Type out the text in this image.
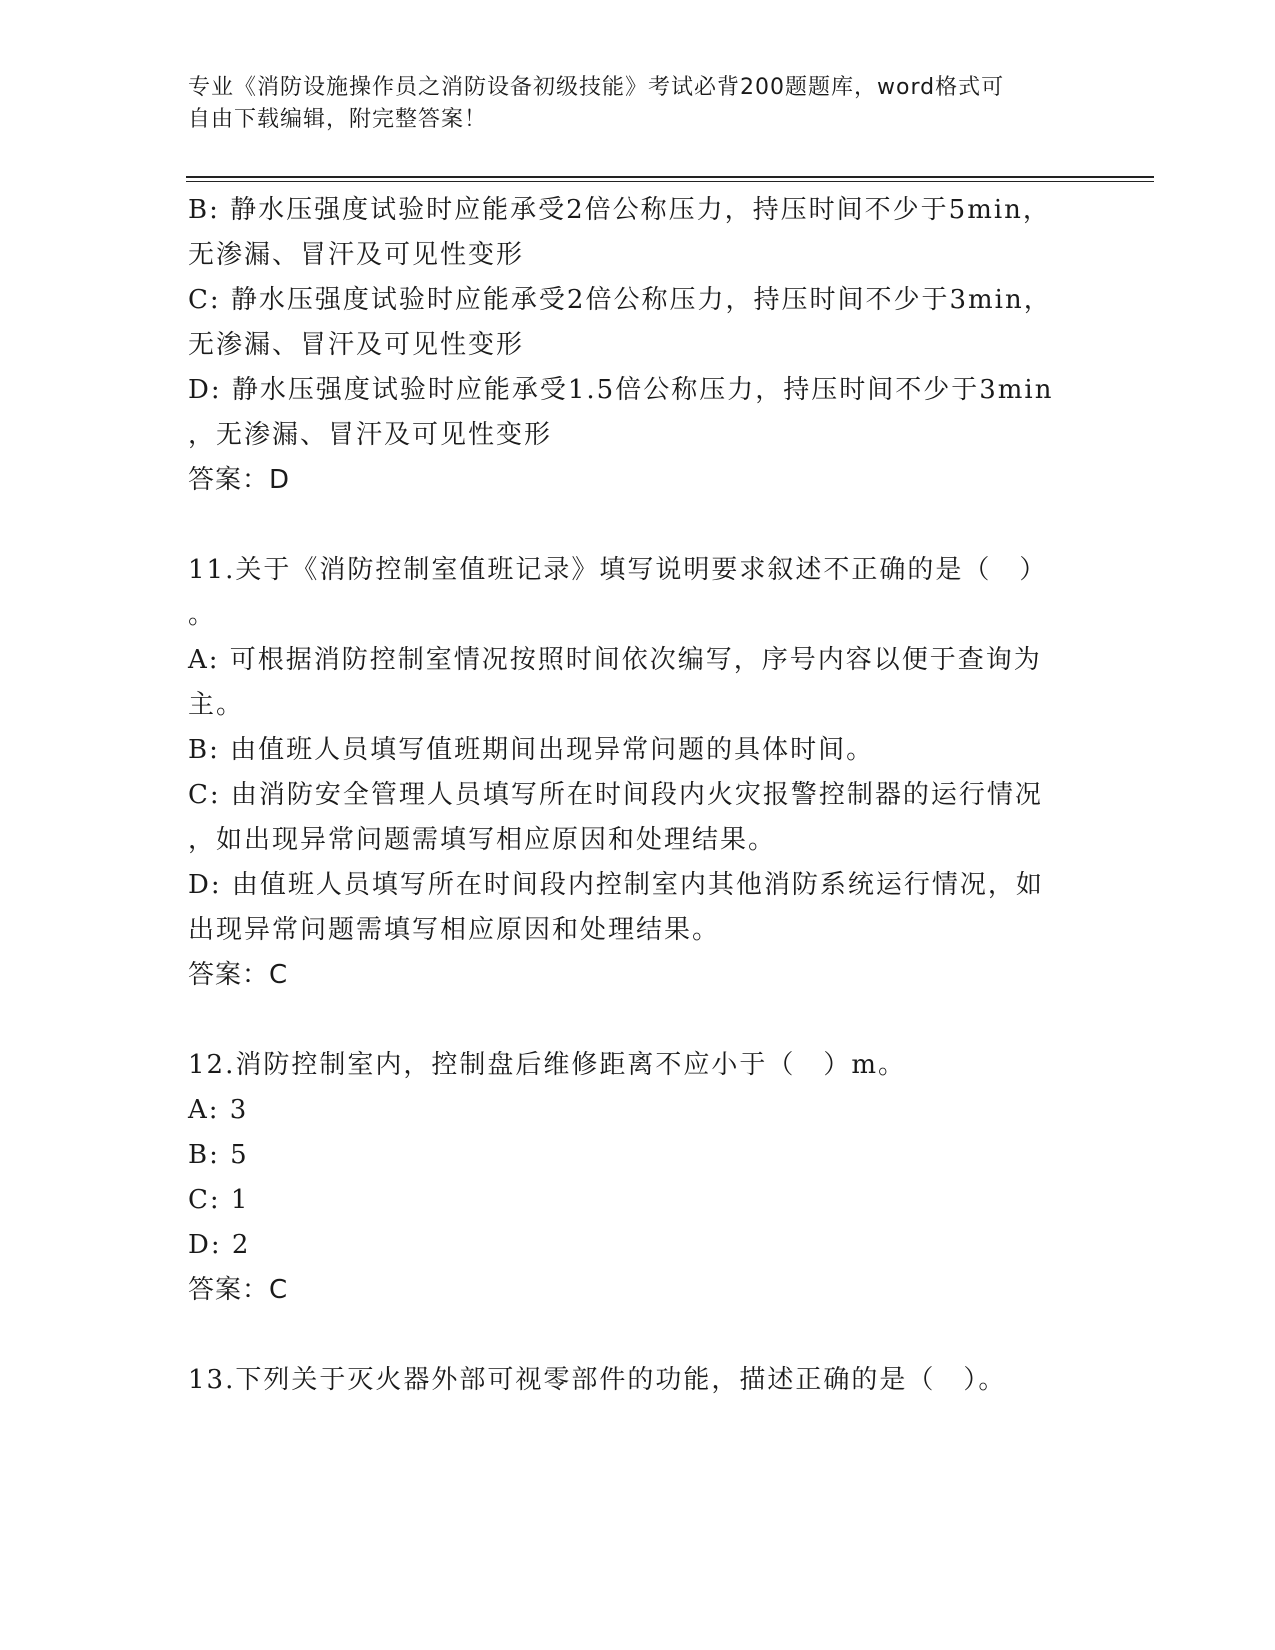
专业《消防设施操作员之消防设备初级技能》考试必背200题题库，word格式可

自由下载编辑，附完整答案！

B: 静水压强度试验时应能承受2倍公称压力，持压时间不少于5min，

无渗漏、冒汗及可见性变形

C: 静水压强度试验时应能承受2倍公称压力，持压时间不少于3min，

无渗漏、冒汗及可见性变形

D: 静水压强度试验时应能承受1.5倍公称压力，持压时间不少于3min

，无渗漏、冒汗及可见性变形

答案：D

11.关于《消防控制室值班记录》填写说明要求叙述不正确的是（　）

。

A: 可根据消防控制室情况按照时间依次编写，序号内容以便于查询为

主。

B: 由值班人员填写值班期间出现异常问题的具体时间。

C: 由消防安全管理人员填写所在时间段内火灾报警控制器的运行情况

，如出现异常问题需填写相应原因和处理结果。

D: 由值班人员填写所在时间段内控制室内其他消防系统运行情况，如

出现异常问题需填写相应原因和处理结果。

答案：C

12.消防控制室内，控制盘后维修距离不应小于（　）m。

A: 3

B: 5

C: 1

D: 2

答案：C

13.下列关于灭火器外部可视零部件的功能，描述正确的是（　）。
